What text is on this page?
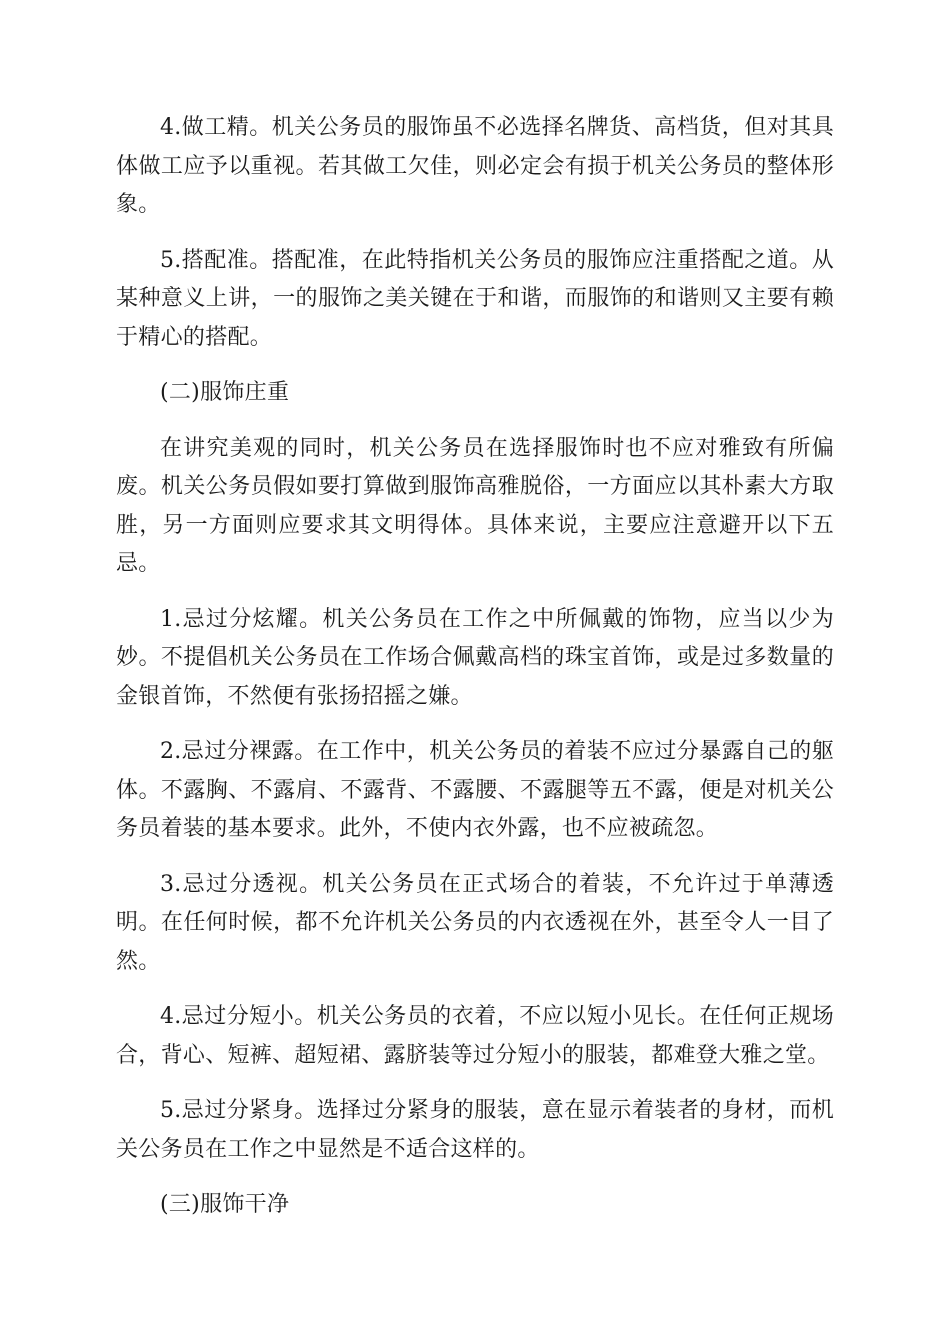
4.做工精。机关公务员的服饰虽不必选择名牌货、高档货，但对其具体做工应予以重视。若其做工欠佳，则必定会有损于机关公务员的整体形象。

5.搭配准。搭配准，在此特指机关公务员的服饰应注重搭配之道。从某种意义上讲，一的服饰之美关键在于和谐，而服饰的和谐则又主要有赖于精心的搭配。

(二)服饰庄重

在讲究美观的同时，机关公务员在选择服饰时也不应对雅致有所偏废。机关公务员假如要打算做到服饰高雅脱俗，一方面应以其朴素大方取胜，另一方面则应要求其文明得体。具体来说，主要应注意避开以下五忌。

1.忌过分炫耀。机关公务员在工作之中所佩戴的饰物，应当以少为妙。不提倡机关公务员在工作场合佩戴高档的珠宝首饰，或是过多数量的金银首饰，不然便有张扬招摇之嫌。

2.忌过分裸露。在工作中，机关公务员的着装不应过分暴露自己的躯体。不露胸、不露肩、不露背、不露腰、不露腿等五不露，便是对机关公务员着装的基本要求。此外，不使内衣外露，也不应被疏忽。

3.忌过分透视。机关公务员在正式场合的着装，不允许过于单薄透明。在任何时候，都不允许机关公务员的内衣透视在外，甚至令人一目了然。

4.忌过分短小。机关公务员的衣着，不应以短小见长。在任何正规场合，背心、短裤、超短裙、露脐装等过分短小的服装，都难登大雅之堂。

5.忌过分紧身。选择过分紧身的服装，意在显示着装者的身材，而机关公务员在工作之中显然是不适合这样的。

(三)服饰干净
